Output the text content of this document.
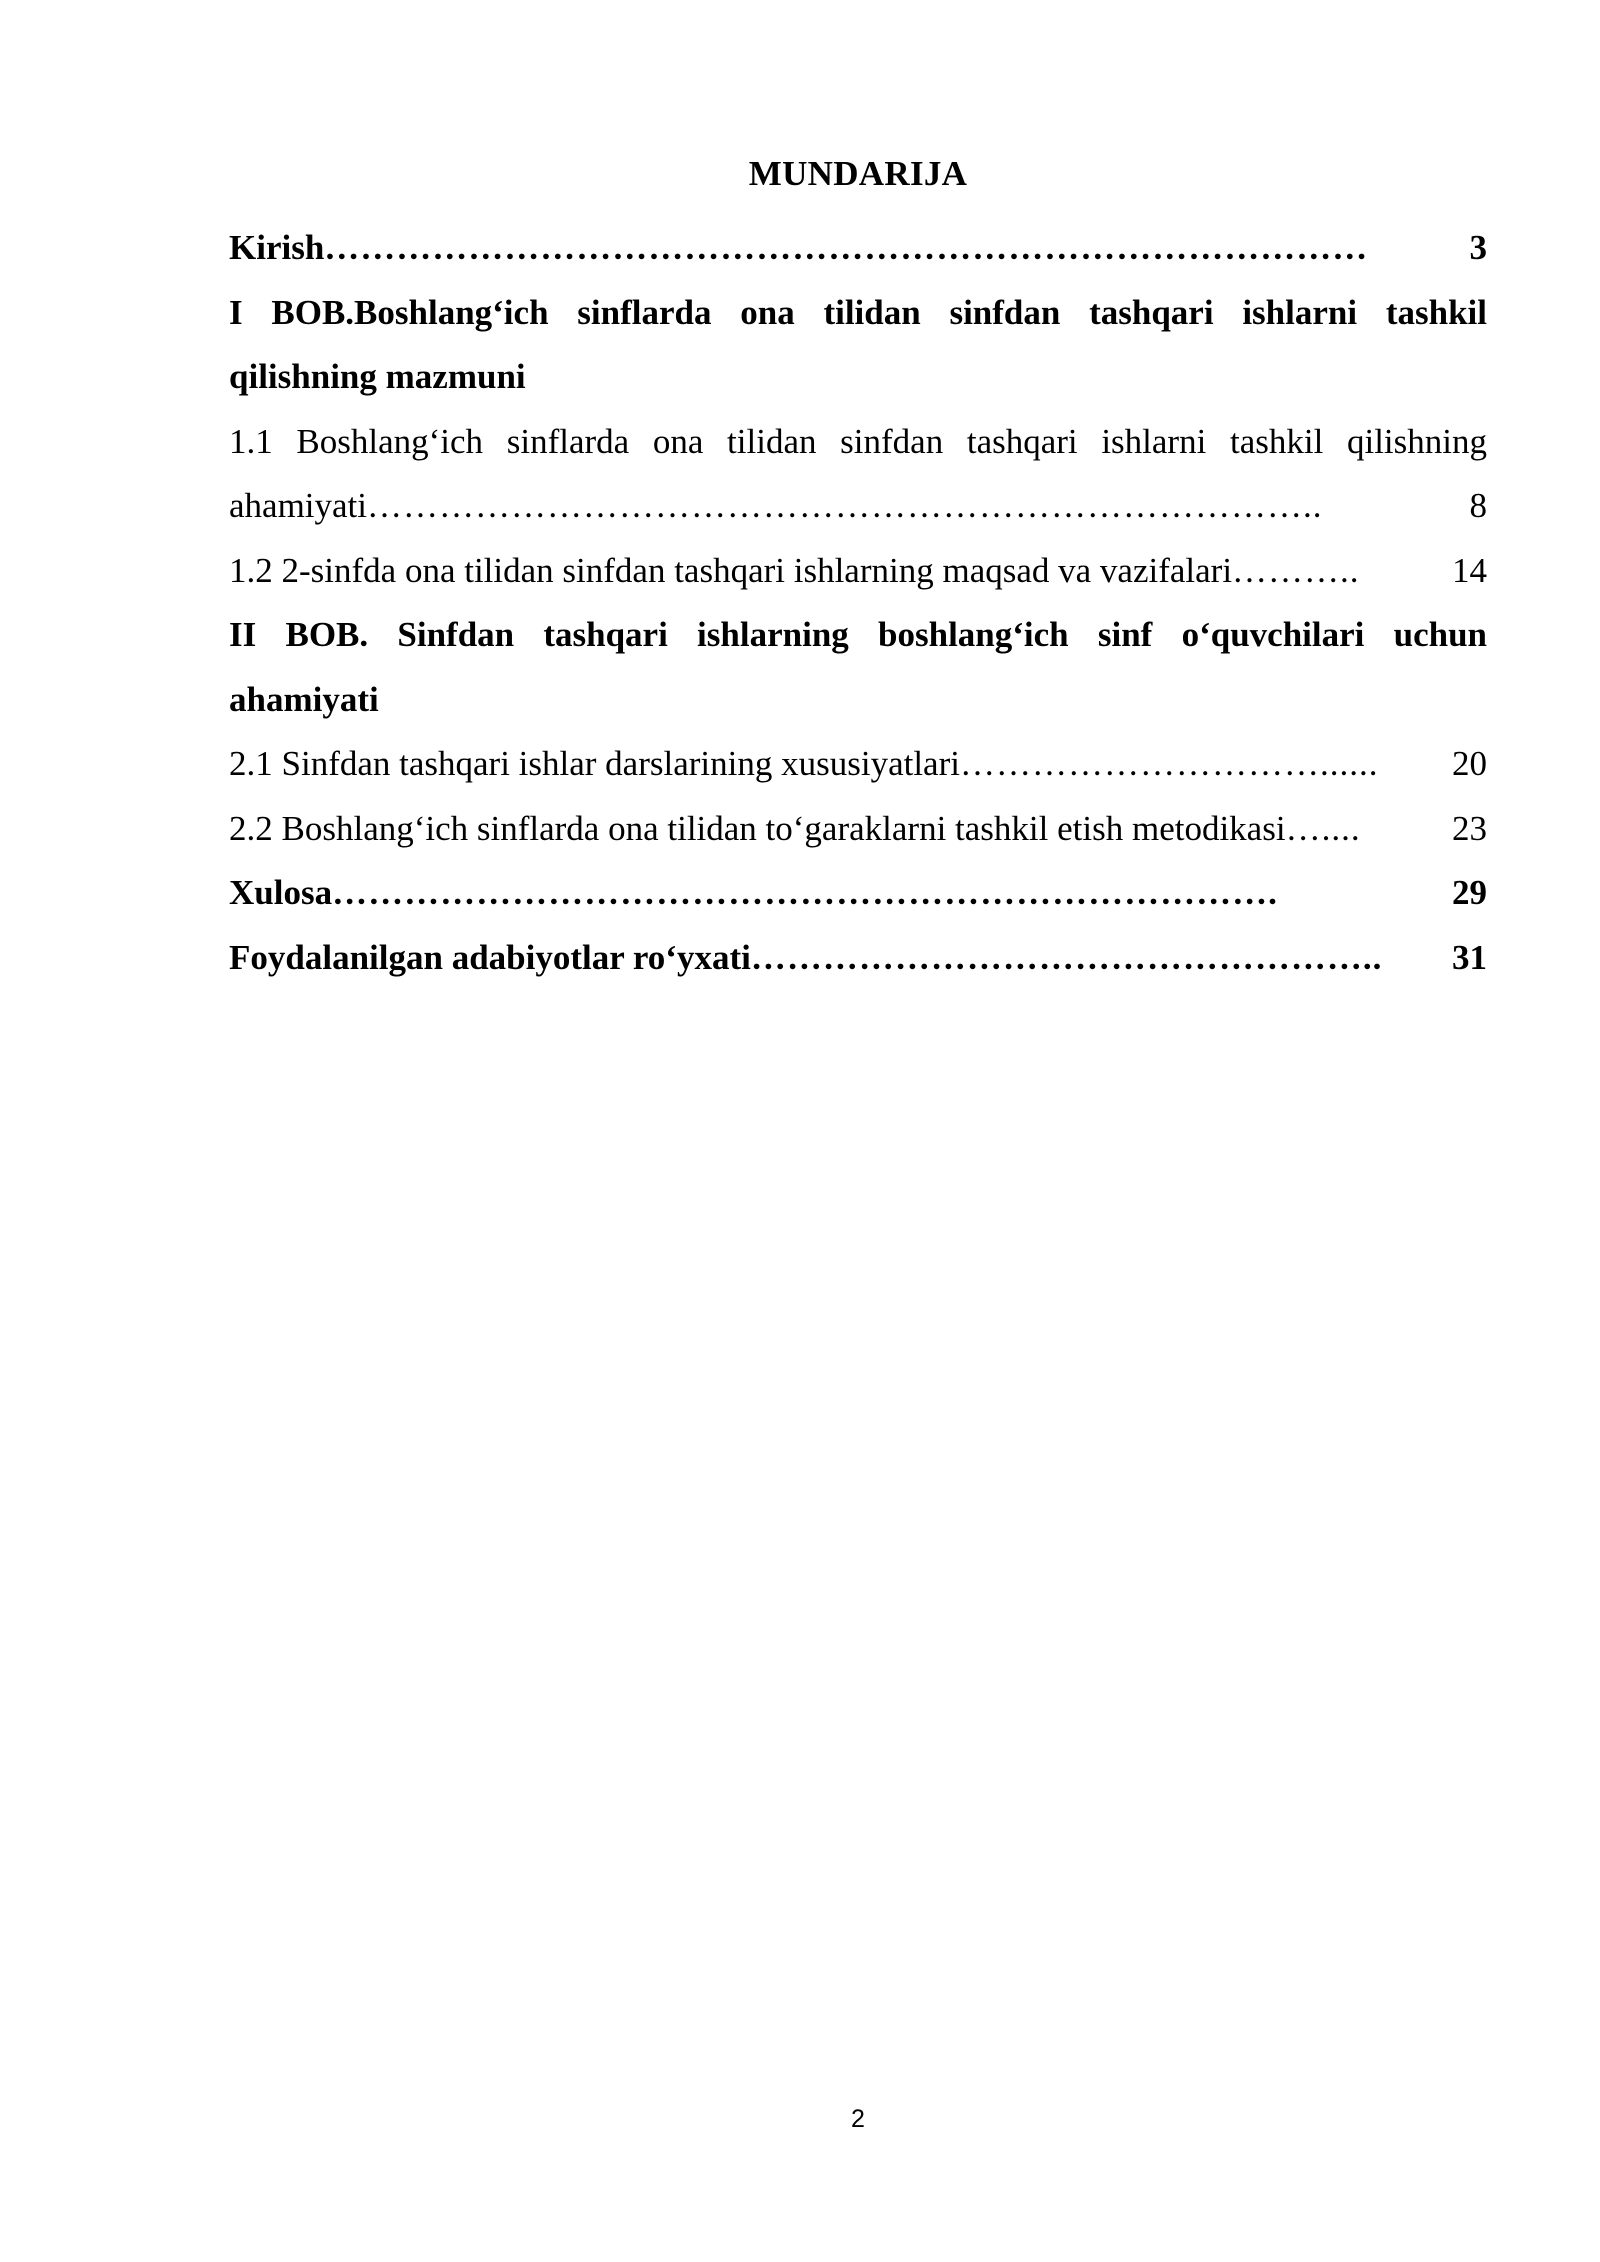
MUNDARIJA
Kirish ……………………………………………………………………………	3
I BOB.Boshlang‘ich sinflarda ona tilidan sinfdan tashqari ishlarni tashkil
qilishning mazmuni
1.1 Boshlang‘ich sinflarda ona tilidan sinfdan tashqari ishlarni tashkil qilishning
ahamiyati ……………………………………………………………………..	8
1.2 2-sinfda ona tilidan sinfdan tashqari ishlarning maqsad va vazifalari ………..	14
II BOB. Sinfdan tashqari ishlarning boshlang‘ich sinf o‘quvchilari uchun
ahamiyati
2.1 Sinfdan tashqari ishlar darslarining xususiyatlari …………………………......	20
2.2 Boshlang‘ich sinflarda ona tilidan to‘garaklarni tashkil etish metodikasi …....	23
Xulosa …………………………………………………………………….	29
Foydalanilgan adabiyotlar ro‘yxati ……………………………………………..	31
2
